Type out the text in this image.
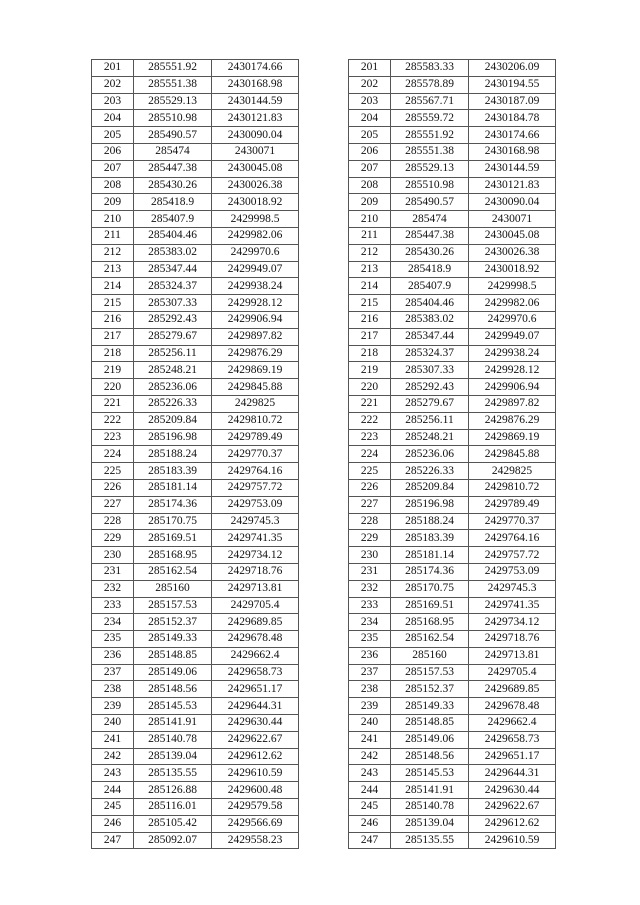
201	285551.92	2430174.66
202	285551.38	2430168.98
203	285529.13	2430144.59
204	285510.98	2430121.83
205	285490.57	2430090.04
206	285474	2430071
207	285447.38	2430045.08
208	285430.26	2430026.38
209	285418.9	2430018.92
210	285407.9	2429998.5
211	285404.46	2429982.06
212	285383.02	2429970.6
213	285347.44	2429949.07
214	285324.37	2429938.24
215	285307.33	2429928.12
216	285292.43	2429906.94
217	285279.67	2429897.82
218	285256.11	2429876.29
219	285248.21	2429869.19
220	285236.06	2429845.88
221	285226.33	2429825
222	285209.84	2429810.72
223	285196.98	2429789.49
224	285188.24	2429770.37
225	285183.39	2429764.16
226	285181.14	2429757.72
227	285174.36	2429753.09
228	285170.75	2429745.3
229	285169.51	2429741.35
230	285168.95	2429734.12
231	285162.54	2429718.76
232	285160	2429713.81
233	285157.53	2429705.4
234	285152.37	2429689.85
235	285149.33	2429678.48
236	285148.85	2429662.4
237	285149.06	2429658.73
238	285148.56	2429651.17
239	285145.53	2429644.31
240	285141.91	2429630.44
241	285140.78	2429622.67
242	285139.04	2429612.62
243	285135.55	2429610.59
244	285126.88	2429600.48
245	285116.01	2429579.58
246	285105.42	2429566.69
247	285092.07	2429558.23
201	285583.33	2430206.09
202	285578.89	2430194.55
203	285567.71	2430187.09
204	285559.72	2430184.78
205	285551.92	2430174.66
206	285551.38	2430168.98
207	285529.13	2430144.59
208	285510.98	2430121.83
209	285490.57	2430090.04
210	285474	2430071
211	285447.38	2430045.08
212	285430.26	2430026.38
213	285418.9	2430018.92
214	285407.9	2429998.5
215	285404.46	2429982.06
216	285383.02	2429970.6
217	285347.44	2429949.07
218	285324.37	2429938.24
219	285307.33	2429928.12
220	285292.43	2429906.94
221	285279.67	2429897.82
222	285256.11	2429876.29
223	285248.21	2429869.19
224	285236.06	2429845.88
225	285226.33	2429825
226	285209.84	2429810.72
227	285196.98	2429789.49
228	285188.24	2429770.37
229	285183.39	2429764.16
230	285181.14	2429757.72
231	285174.36	2429753.09
232	285170.75	2429745.3
233	285169.51	2429741.35
234	285168.95	2429734.12
235	285162.54	2429718.76
236	285160	2429713.81
237	285157.53	2429705.4
238	285152.37	2429689.85
239	285149.33	2429678.48
240	285148.85	2429662.4
241	285149.06	2429658.73
242	285148.56	2429651.17
243	285145.53	2429644.31
244	285141.91	2429630.44
245	285140.78	2429622.67
246	285139.04	2429612.62
247	285135.55	2429610.59
